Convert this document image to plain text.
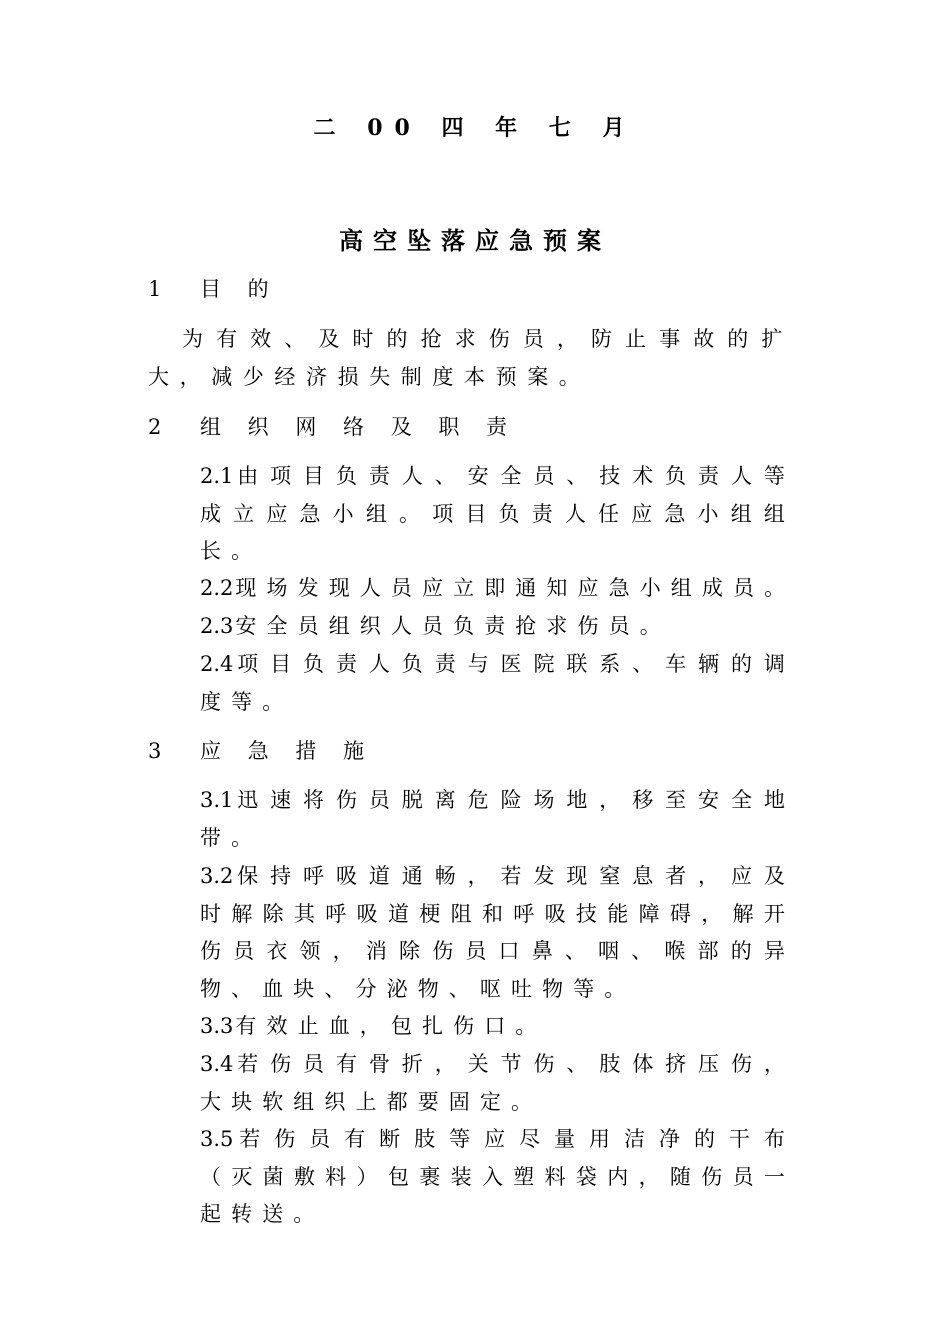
二 00 四 年 七 月
高空坠落应急预案
1	目 的
为有效、及时的抢求伤员，防止事故的扩大，减少经济损失制度本预案。
2	组 织 网 络 及 职 责
2.1由项目负责人、安全员、技术负责人等成立应急小组。项目负责人任应急小组组长。
2.2现场发现人员应立即通知应急小组成员。
2.3安全员组织人员负责抢求伤员。
2.4项目负责人负责与医院联系、车辆的调度等。
3	应 急 措 施
3.1迅速将伤员脱离危险场地，移至安全地带。
3.2保持呼吸道通畅，若发现窒息者，应及时解除其呼吸道梗阻和呼吸技能障碍，解开伤员衣领，消除伤员口鼻、咽、喉部的异物、血块、分泌物、呕吐物等。
3.3有效止血，包扎伤口。
3.4若伤员有骨折，关节伤、肢体挤压伤，大块软组织上都要固定。
3.5若伤员有断肢等应尽量用洁净的干布（灭菌敷料）包裹装入塑料袋内，随伤员一起转送。
